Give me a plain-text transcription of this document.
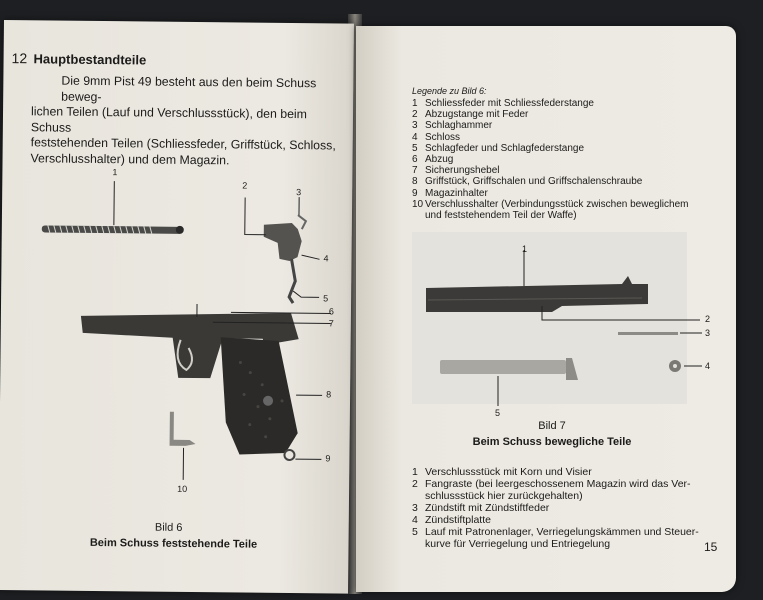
12 Hauptbestandteile
Die 9mm Pist 49 besteht aus den beim Schuss beweg-
lichen Teilen (Lauf und Verschlussstück), den beim Schuss
feststehenden Teilen (Schliessfeder, Griffstück, Schloss,
Verschlusshalter) und dem Magazin.
1
2
3
4
5
6
7
8
9
10
Bild 6
Beim Schuss feststehende Teile
Legende zu Bild 6:
1 Schliessfeder mit Schliessfederstange
2 Abzugstange mit Feder
3 Schlaghammer
4 Schloss
5 Schlagfeder und Schlagfederstange
6 Abzug
7 Sicherungshebel
8 Griffstück, Griffschalen und Griffschalenschraube
9 Magazinhalter
10 Verschlusshalter (Verbindungsstück zwischen beweglichem
und feststehendem Teil der Waffe)
1
2
3
4
5
Bild 7
Beim Schuss bewegliche Teile
1 Verschlussstück mit Korn und Visier
2 Fangraste (bei leergeschossenem Magazin wird das Ver-
schlussstück hier zurückgehalten)
3 Zündstift mit Zündstiftfeder
4 Zündstiftplatte
5 Lauf mit Patronenlager, Verriegelungskämmen und Steuer-
kurve für Verriegelung und Entriegelung	15
